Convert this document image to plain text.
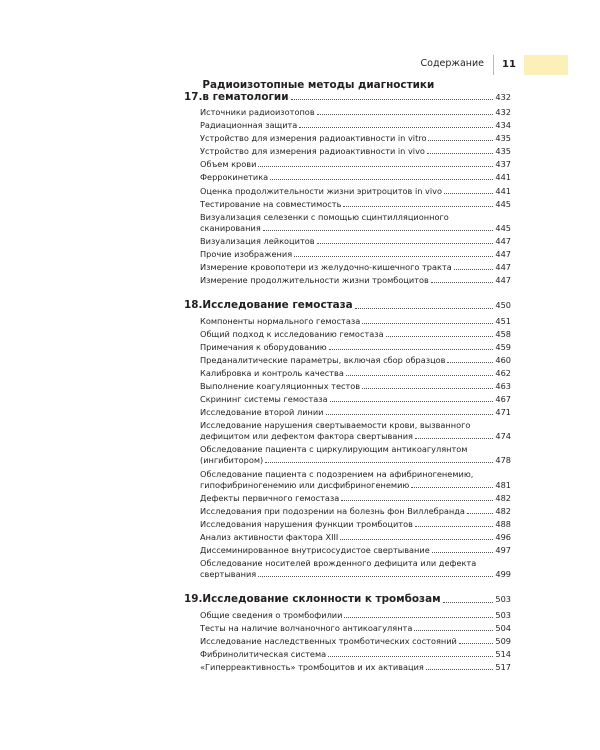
Содержание	11
17.
Радиоизотопные методы диагностики
в гематологии	432
Источники радиоизотопов	432
Радиационная защита	434
Устройство для измерения радиоактивности in vitro	435
Устройство для измерения радиоактивности in vivo	435
Объем крови	437
Феррокинетика	441
Оценка продолжительности жизни эритроцитов in vivo	441
Тестирование на совместимость	445
Визуализация селезенки с помощью сцинтилляционного
сканирования	445
Визуализация лейкоцитов	447
Прочие изображения	447
Измерение кровопотери из желудочно-кишечного тракта	447
Измерение продолжительности жизни тромбоцитов	447
18. Исследование гемостаза	450
Компоненты нормального гемостаза	451
Общий подход к исследованию гемостаза	458
Примечания к оборудованию	459
Преданалитические параметры, включая сбор образцов	460
Калибровка и контроль качества	462
Выполнение коагуляционных тестов	463
Скрининг системы гемостаза	467
Исследование второй линии	471
Исследование нарушения свертываемости крови, вызванного
дефицитом или дефектом фактора свертывания	474
Обследование пациента с циркулирующим антикоагулянтом
(ингибитором)	478
Обследование пациента с подозрением на афибриногенемию,
гипофибриногенемию или дисфибриногенемию	481
Дефекты первичного гемостаза	482
Исследования при подозрении на болезнь фон Виллебранда	482
Исследования нарушения функции тромбоцитов	488
Анализ активности фактора XIII	496
Диссеминированное внутрисосудистое свертывание	497
Обследование носителей врожденного дефицита или дефекта
свертывания	499
19. Исследование склонности к тромбозам	503
Общие сведения о тромбофилии	503
Тесты на наличие волчаночного антикоагулянта	504
Исследование наследственных тромботических состояний	509
Фибринолитическая система	514
«Гиперреактивность» тромбоцитов и их активация	517
